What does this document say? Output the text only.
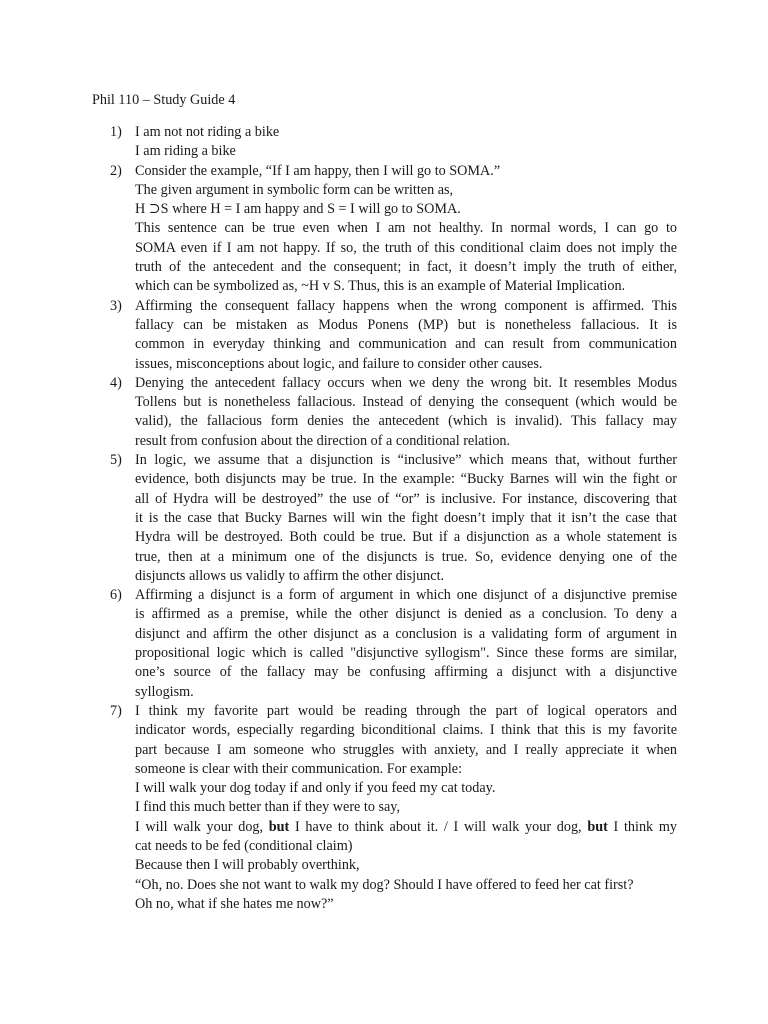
Phil 110 – Study Guide 4
1) I am not not riding a bike
I am riding a bike
2) Consider the example, “If I am happy, then I will go to SOMA.”
The given argument in symbolic form can be written as,
H ⊃S where H = I am happy and S = I will go to SOMA.
This sentence can be true even when I am not healthy. In normal words, I can go to
SOMA even if I am not happy. If so, the truth of this conditional claim does not imply the
truth of the antecedent and the consequent; in fact, it doesn’t imply the truth of either,
which can be symbolized as, ~H v S. Thus, this is an example of Material Implication.
3) Affirming the consequent fallacy happens when the wrong component is affirmed. This
fallacy can be mistaken as Modus Ponens (MP) but is nonetheless fallacious. It is
common in everyday thinking and communication and can result from communication
issues, misconceptions about logic, and failure to consider other causes.
4) Denying the antecedent fallacy occurs when we deny the wrong bit. It resembles Modus
Tollens but is nonetheless fallacious. Instead of denying the consequent (which would be
valid), the fallacious form denies the antecedent (which is invalid). This fallacy may
result from confusion about the direction of a conditional relation.
5) In logic, we assume that a disjunction is “inclusive” which means that, without further
evidence, both disjuncts may be true. In the example: “Bucky Barnes will win the fight or
all of Hydra will be destroyed” the use of “or” is inclusive. For instance, discovering that
it is the case that Bucky Barnes will win the fight doesn’t imply that it isn’t the case that
Hydra will be destroyed. Both could be true. But if a disjunction as a whole statement is
true, then at a minimum one of the disjuncts is true. So, evidence denying one of the
disjuncts allows us validly to affirm the other disjunct.
6) Affirming a disjunct is a form of argument in which one disjunct of a disjunctive premise
is affirmed as a premise, while the other disjunct is denied as a conclusion. To deny a
disjunct and affirm the other disjunct as a conclusion is a validating form of argument in
propositional logic which is called "disjunctive syllogism". Since these forms are similar,
one’s source of the fallacy may be confusing affirming a disjunct with a disjunctive
syllogism.
7) I think my favorite part would be reading through the part of logical operators and
indicator words, especially regarding biconditional claims. I think that this is my favorite
part because I am someone who struggles with anxiety, and I really appreciate it when
someone is clear with their communication. For example:
I will walk your dog today if and only if you feed my cat today.
I find this much better than if they were to say,
I will walk your dog, but I have to think about it. / I will walk your dog, but I think my
cat needs to be fed (conditional claim)
Because then I will probably overthink,
“Oh, no. Does she not want to walk my dog? Should I have offered to feed her cat first?
Oh no, what if she hates me now?”
